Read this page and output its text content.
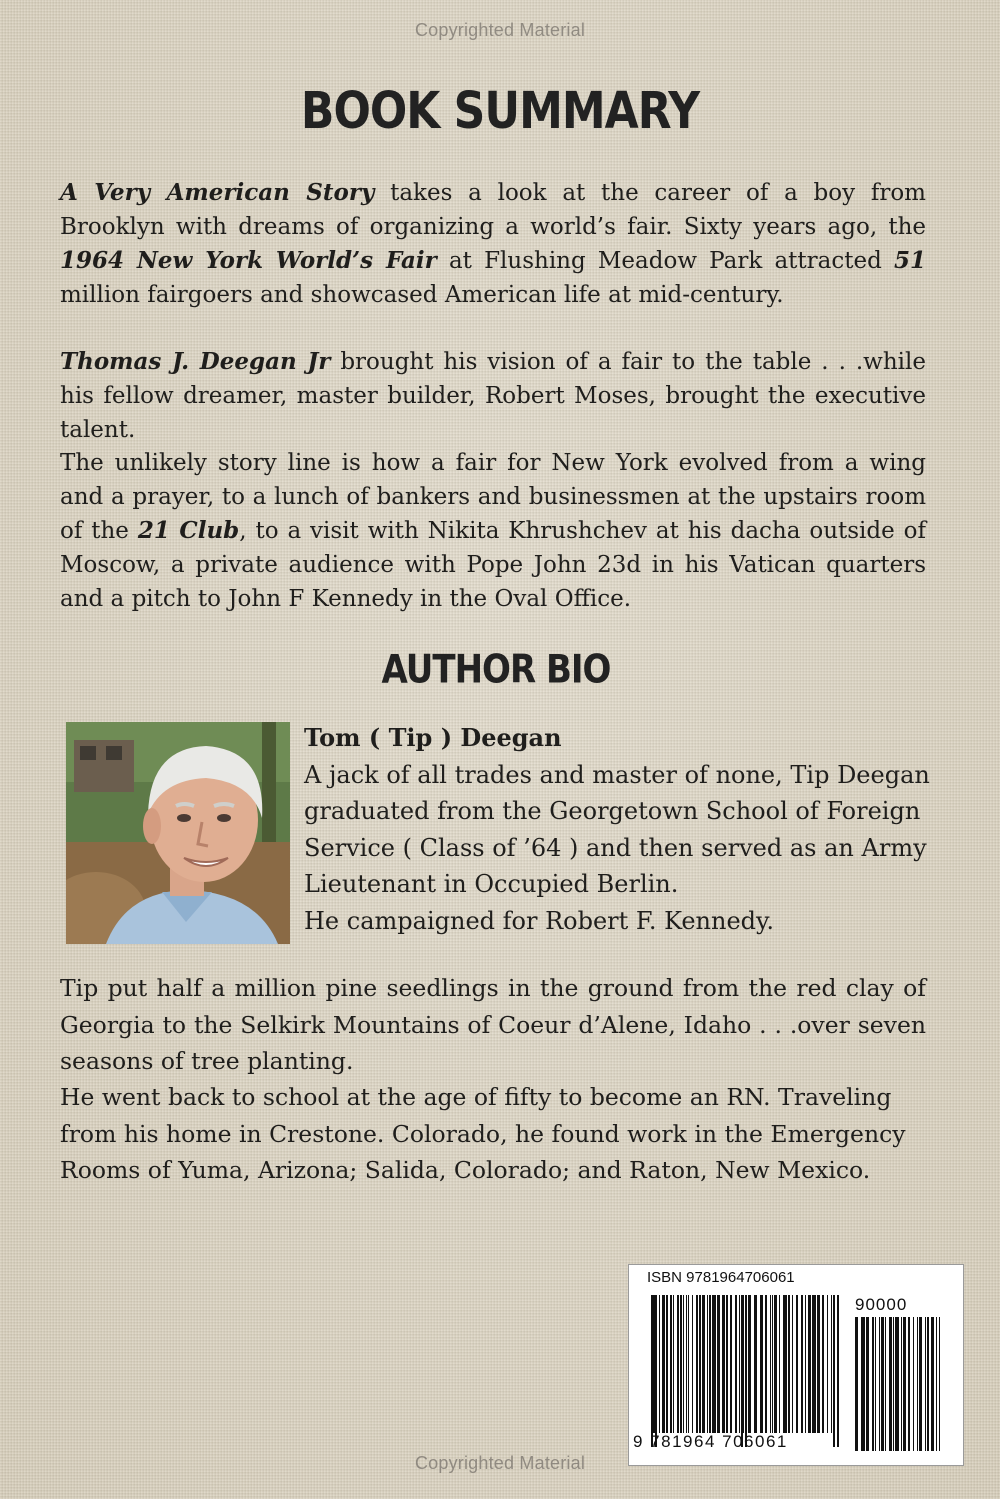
Copyrighted Material
BOOK SUMMARY

A Very American Story takes a look at the career of a boy from Brooklyn with dreams of organizing a world’s fair. Sixty years ago, the 1964 New York World’s Fair at Flushing Meadow Park attracted 51 million fairgoers and showcased American life at mid-century.

Thomas J. Deegan Jr brought his vision of a fair to the table . . .while his fellow dreamer, master builder, Robert Moses, brought the executive talent.

The unlikely story line is how a fair for New York evolved from a wing and a prayer, to a lunch of bankers and businessmen at the upstairs room of the 21 Club, to a visit with Nikita Khrushchev at his dacha outside of Moscow, a private audience with Pope John 23d in his Vatican quarters and a pitch to John F Kennedy in the Oval Office.

AUTHOR BIO
Tom ( Tip ) Deegan
A jack of all trades and master of none, Tip Deegan
graduated from the Georgetown School of Foreign
Service ( Class of ’64 ) and then served as an Army
Lieutenant in Occupied Berlin.
He campaigned for Robert F. Kennedy.

Tip put half a million pine seedlings in the ground from the red clay of Georgia to the Selkirk Mountains of Coeur d’Alene, Idaho . . .over seven seasons of tree planting.

He went back to school at the age of fifty to become an RN. Traveling from his home in Crestone. Colorado, he found work in the Emergency Rooms of Yuma, Arizona; Salida, Colorado; and Raton, New Mexico.

ISBN 9781964706061
90000
9 781964 706061
Copyrighted Material
